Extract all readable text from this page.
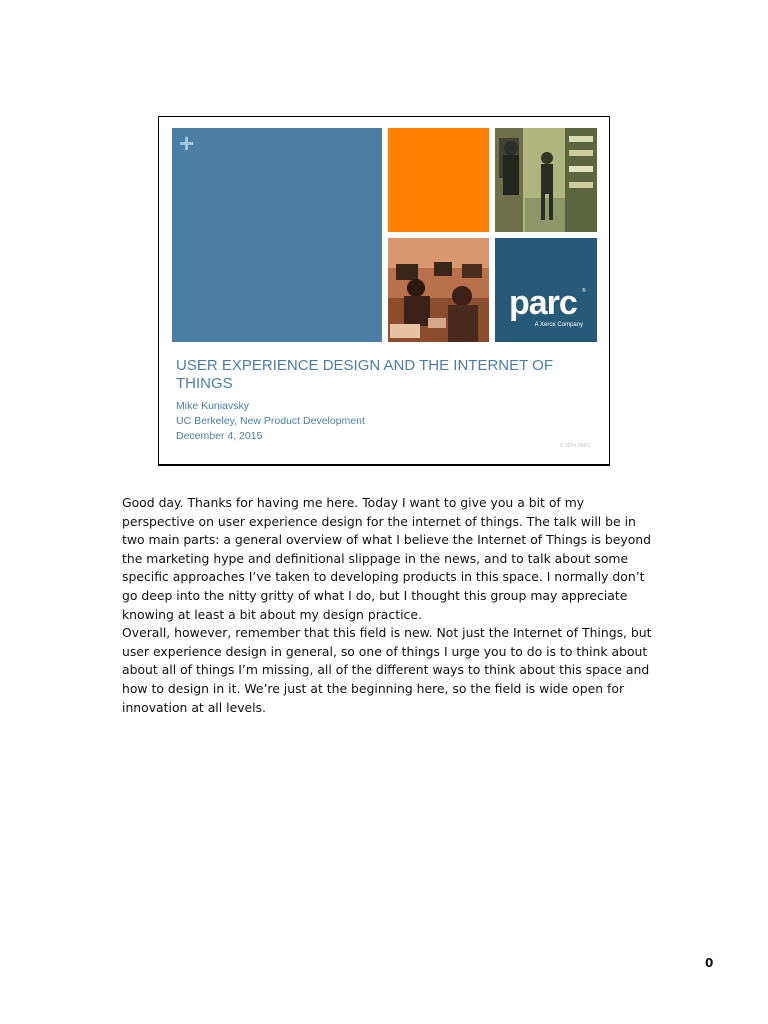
+
parc ®
A Xerox Company
USER EXPERIENCE DESIGN AND THE INTERNET OF THINGS
Mike Kuniavsky
UC Berkeley, New Product Development
December 4, 2015
© 2014 PARC

Good day. Thanks for having me here. Today I want to give you a bit of my perspective on user experience design for the internet of things. The talk will be in two main parts: a general overview of what I believe the Internet of Things is beyond the marketing hype and definitional slippage in the news, and to talk about some specific approaches I’ve taken to developing products in this space. I normally don’t go deep into the nitty gritty of what I do, but I thought this group may appreciate knowing at least a bit about my design practice.

Overall, however, remember that this field is new. Not just the Internet of Things, but user experience design in general, so one of things I urge you to do is to think about about all of things I’m missing, all of the different ways to think about this space and how to design in it. We’re just at the beginning here, so the field is wide open for innovation at all levels.

0
